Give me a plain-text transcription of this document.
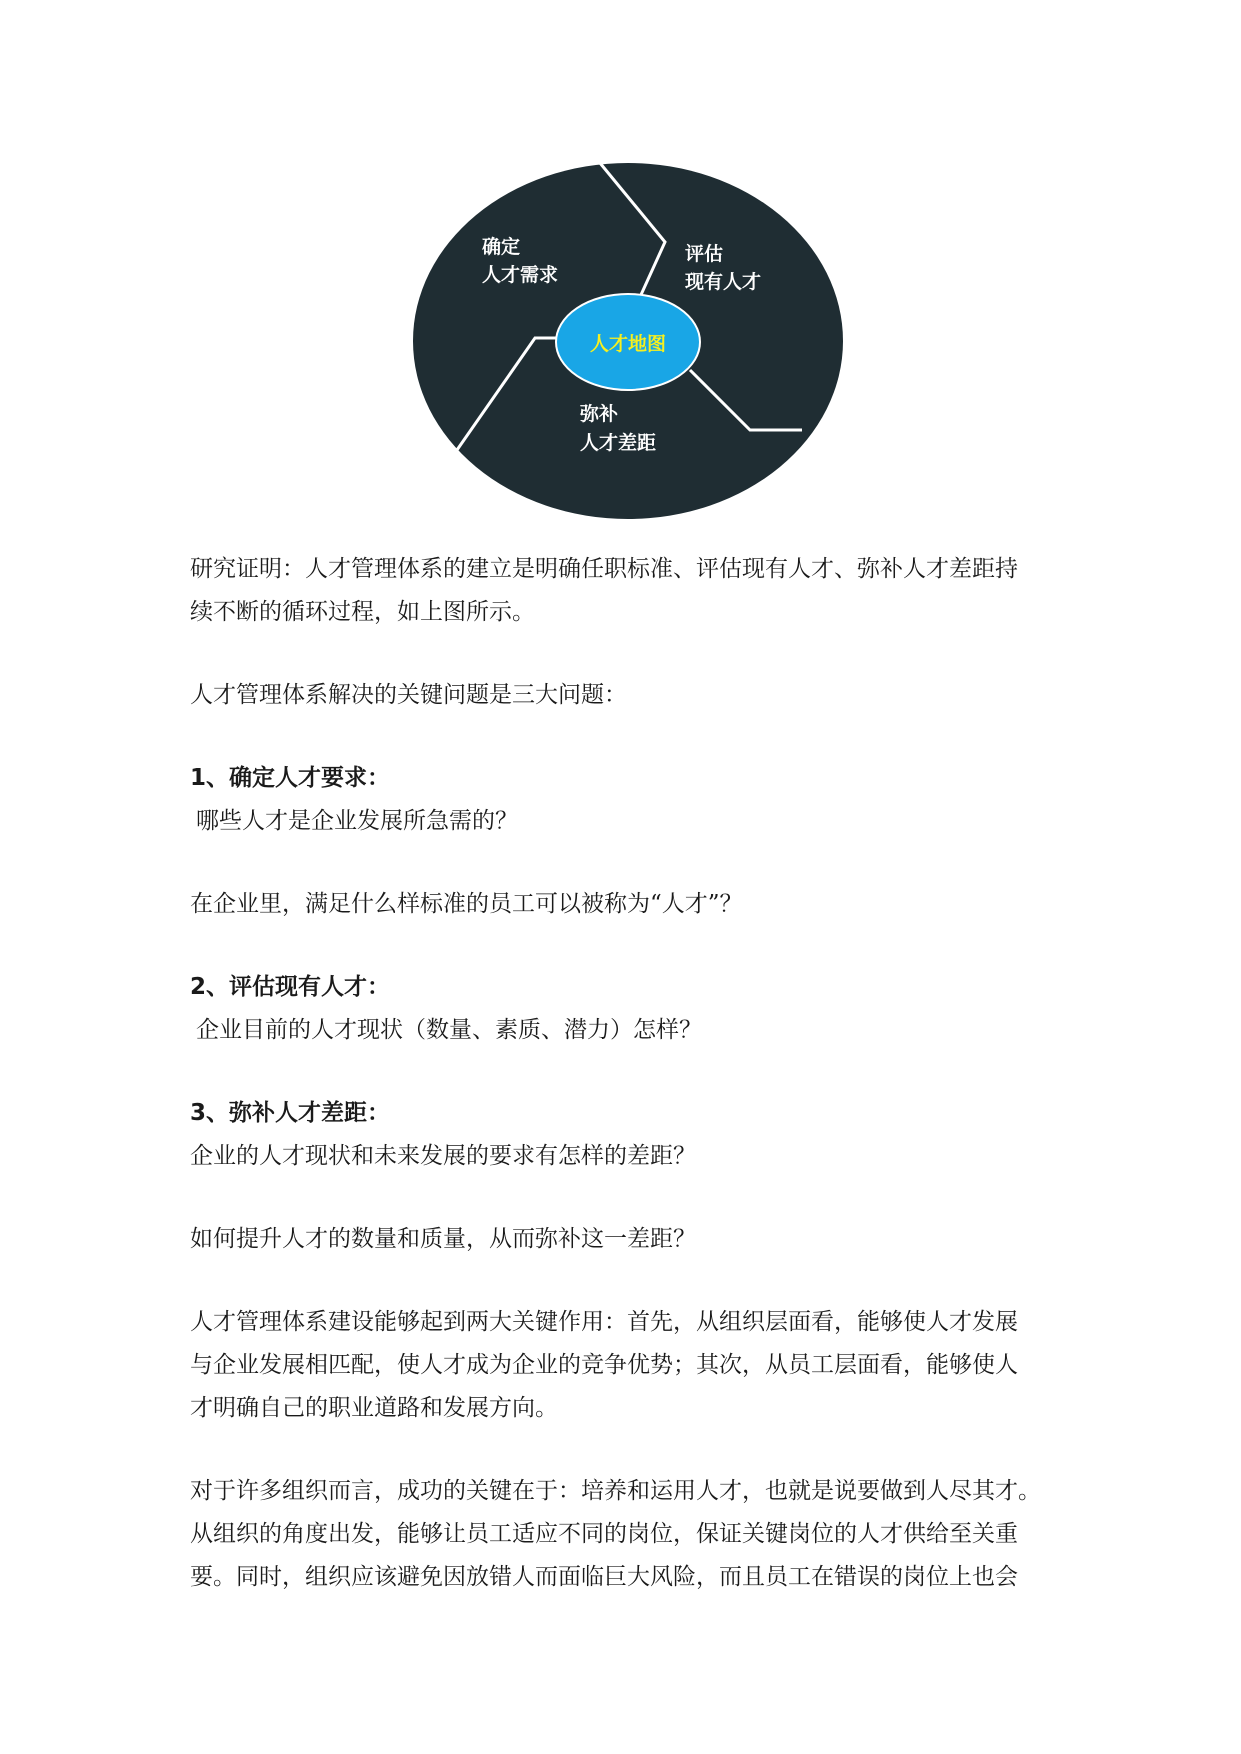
人才地图
确定
人才需求
评估
现有人才
弥补
人才差距

研究证明：人才管理体系的建立是明确任职标准、评估现有人才、弥补人才差距持

续不断的循环过程，如上图所示。

人才管理体系解决的关键问题是三大问题：

1、确定人才要求：

哪些人才是企业发展所急需的？

在企业里，满足什么样标准的员工可以被称为“人才”？

2、评估现有人才：

企业目前的人才现状（数量、素质、潜力）怎样？

3、弥补人才差距：

企业的人才现状和未来发展的要求有怎样的差距？

如何提升人才的数量和质量，从而弥补这一差距？

人才管理体系建设能够起到两大关键作用：首先，从组织层面看，能够使人才发展

与企业发展相匹配，使人才成为企业的竞争优势；其次，从员工层面看，能够使人

才明确自己的职业道路和发展方向。

对于许多组织而言，成功的关键在于：培养和运用人才，也就是说要做到人尽其才。

从组织的角度出发，能够让员工适应不同的岗位，保证关键岗位的人才供给至关重

要。同时，组织应该避免因放错人而面临巨大风险，而且员工在错误的岗位上也会
